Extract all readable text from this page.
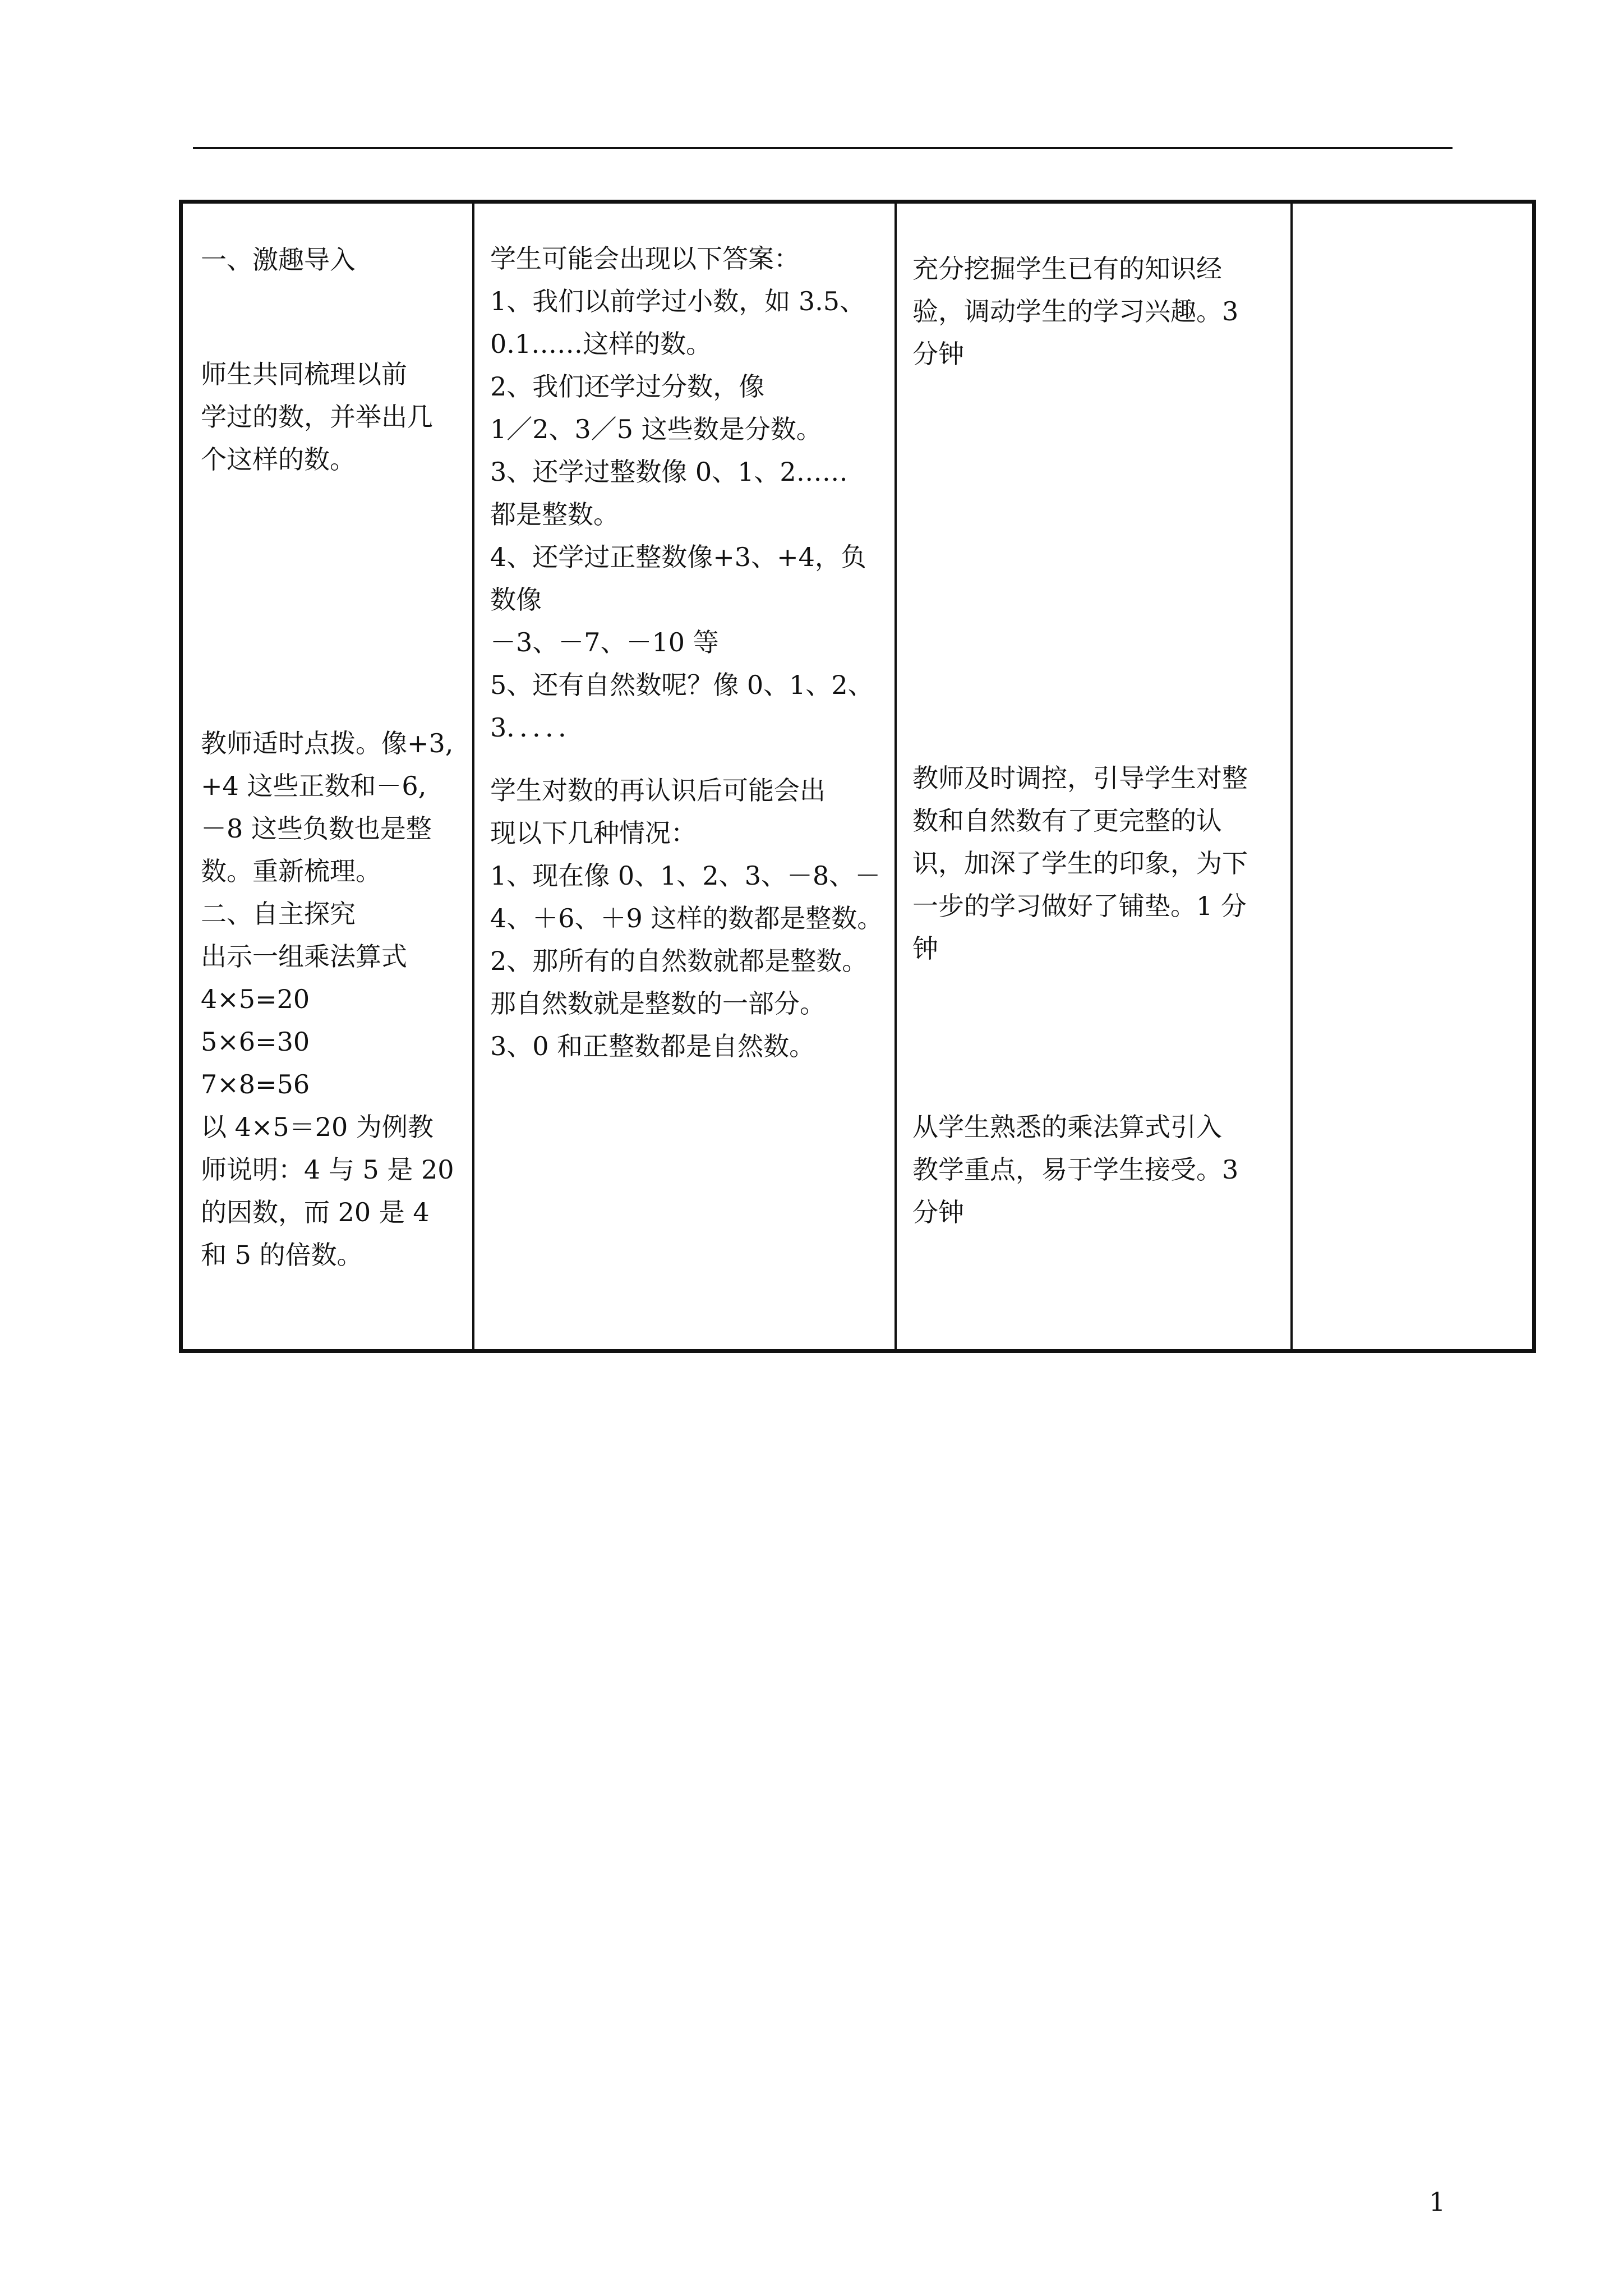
一、激趣导入

师生共同梳理以前

学过的数，并举出几

个这样的数。

教师适时点拨。像+3,

+4 这些正数和－6,

－8 这些负数也是整

数。重新梳理。

二、自主探究

出示一组乘法算式

4×5=20

5×6=30

7×8=56

以 4×5＝20 为例教

师说明：4 与 5 是 20

的因数，而 20 是 4

和 5 的倍数。

学生可能会出现以下答案：

1、我们以前学过小数，如 3.5、

0.1……这样的数。

2、我们还学过分数，像

1／2、3／5 这些数是分数。

3、还学过整数像 0、1、2……

都是整数。

4、还学过正整数像+3、+4，负

数像

－3、－7、－10 等

5、还有自然数呢？像 0、1、2、

3．．．．．

学生对数的再认识后可能会出

现以下几种情况：

1、现在像 0、1、2、3、－8、－

4、＋6、＋9 这样的数都是整数。

2、那所有的自然数就都是整数。

那自然数就是整数的一部分。

3、0 和正整数都是自然数。

充分挖掘学生已有的知识经

验，调动学生的学习兴趣。3

分钟

教师及时调控，引导学生对整

数和自然数有了更完整的认

识，加深了学生的印象，为下

一步的学习做好了铺垫。1 分

钟

从学生熟悉的乘法算式引入

教学重点，易于学生接受。3

分钟

1
